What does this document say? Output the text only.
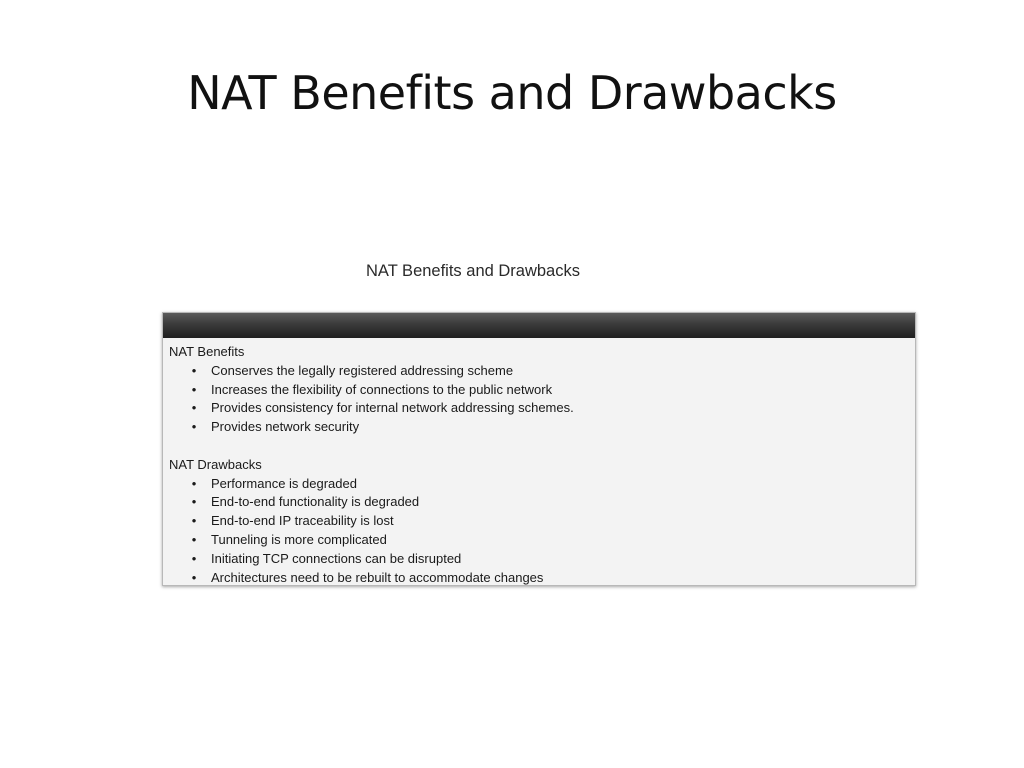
NAT Benefits and Drawbacks
NAT Benefits and Drawbacks
NAT Benefits
• Conserves the legally registered addressing scheme
• Increases the flexibility of connections to the public network
• Provides consistency for internal network addressing schemes.
• Provides network security
NAT Drawbacks
• Performance is degraded
• End-to-end functionality is degraded
• End-to-end IP traceability is lost
• Tunneling is more complicated
• Initiating TCP connections can be disrupted
• Architectures need to be rebuilt to accommodate changes
